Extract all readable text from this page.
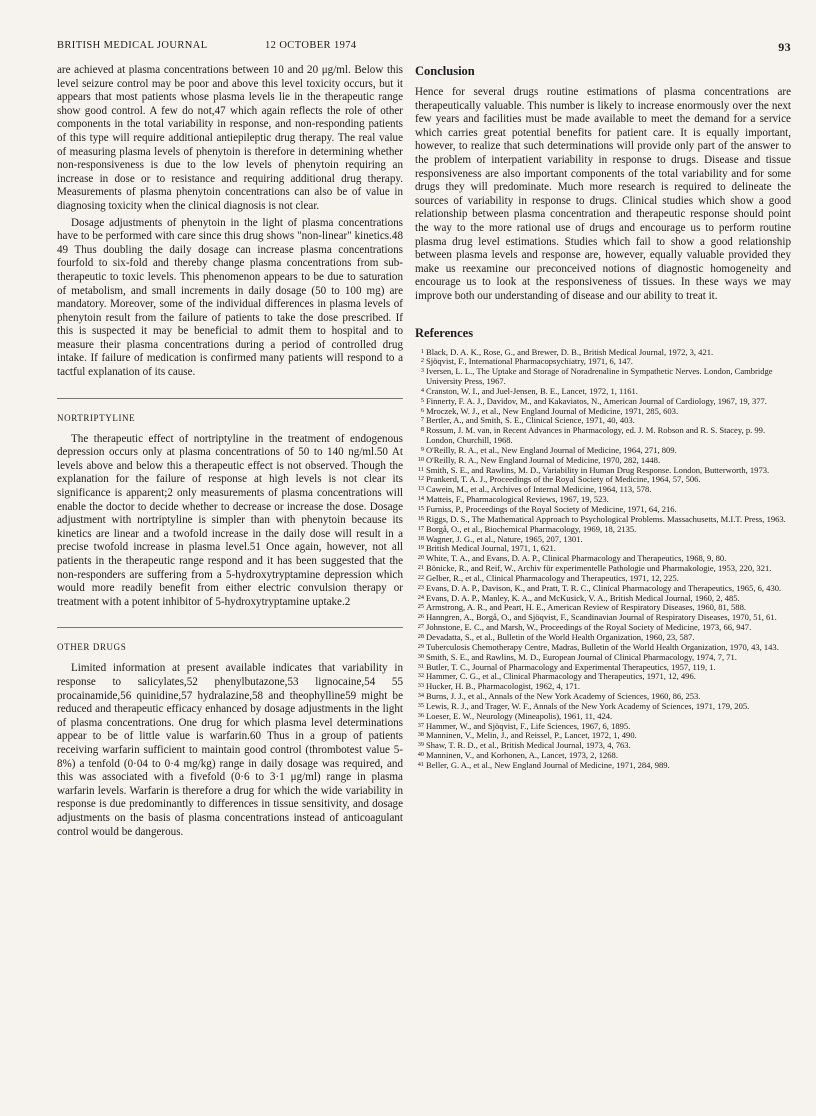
BRITISH MEDICAL JOURNAL	12 OCTOBER 1974	93

are achieved at plasma concentrations between 10 and 20 μg/ml. Below this level seizure control may be poor and above this level toxicity occurs, but it appears that most patients whose plasma levels lie in the therapeutic range show good control. A few do not,47 which again reflects the role of other components in the total variability in response, and non-responding patients of this type will require additional antiepileptic drug therapy. The real value of measuring plasma levels of phenytoin is therefore in determining whether non-responsiveness is due to the low levels of phenytoin requiring an increase in dose or to resistance and requiring additional drug therapy. Measurements of plasma phenytoin concentrations can also be of value in diagnosing toxicity when the clinical diagnosis is not clear.

Dosage adjustments of phenytoin in the light of plasma concentrations have to be performed with care since this drug shows "non-linear" kinetics.48 49 Thus doubling the daily dosage can increase plasma concentrations fourfold to six-fold and thereby change plasma concentrations from sub-therapeutic to toxic levels. This phenomenon appears to be due to saturation of metabolism, and small increments in daily dosage (50 to 100 mg) are mandatory. Moreover, some of the individual differences in plasma levels of phenytoin result from the failure of patients to take the dose prescribed. If this is suspected it may be beneficial to admit them to hospital and to measure their plasma concentrations during a period of controlled drug intake. If failure of medication is confirmed many patients will respond to a tactful explanation of its cause.

NORTRIPTYLINE

The therapeutic effect of nortriptyline in the treatment of endogenous depression occurs only at plasma concentrations of 50 to 140 ng/ml.50 At levels above and below this a therapeutic effect is not observed. Though the explanation for the failure of response at high levels is not clear its significance is apparent;2 only measurements of plasma concentrations will enable the doctor to decide whether to decrease or increase the dose. Dosage adjustment with nortriptyline is simpler than with phenytoin because its kinetics are linear and a twofold increase in the daily dose will result in a precise twofold increase in plasma level.51 Once again, however, not all patients in the therapeutic range respond and it has been suggested that the non-responders are suffering from a 5-hydroxytryptamine depression which would more readily benefit from either electric convulsion therapy or treatment with a potent inhibitor of 5-hydroxytryptamine uptake.2

OTHER DRUGS

Limited information at present available indicates that variability in response to salicylates,52 phenylbutazone,53 lignocaine,54 55 procainamide,56 quinidine,57 hydralazine,58 and theophylline59 might be reduced and therapeutic efficacy enhanced by dosage adjustments in the light of plasma concentrations. One drug for which plasma level determinations appear to be of little value is warfarin.60 Thus in a group of patients receiving warfarin sufficient to maintain good control (thrombotest value 5-8%) a tenfold (0·04 to 0·4 mg/kg) range in daily dosage was required, and this was associated with a fivefold (0·6 to 3·1 μg/ml) range in plasma warfarin levels. Warfarin is therefore a drug for which the wide variability in response is due predominantly to differences in tissue sensitivity, and dosage adjustments on the basis of plasma concentrations instead of anticoagulant control would be dangerous.

Conclusion

Hence for several drugs routine estimations of plasma concentrations are therapeutically valuable. This number is likely to increase enormously over the next few years and facilities must be made available to meet the demand for a service which carries great potential benefits for patient care. It is equally important, however, to realize that such determinations will provide only part of the answer to the problem of interpatient variability in response to drugs. Disease and tissue responsiveness are also important components of the total variability and for some drugs they will predominate. Much more research is required to delineate the sources of variability in response to drugs. Clinical studies which show a good relationship between plasma concentration and therapeutic response should point the way to the more rational use of drugs and encourage us to perform routine plasma drug level estimations. Studies which fail to show a good relationship between plasma levels and response are, however, equally valuable provided they make us reexamine our preconceived notions of diagnostic homogeneity and encourage us to look at the responsiveness of tissues. In these ways we may improve both our understanding of disease and our ability to treat it.

References
1 Black, D. A. K., Rose, G., and Brewer, D. B., British Medical Journal, 1972, 3, 421.
2 Sjöqvist, F., International Pharmacopsychiatry, 1971, 6, 147.
3 Iversen, L. L., The Uptake and Storage of Noradrenaline in Sympathetic Nerves. London, Cambridge University Press, 1967.
4 Cranston, W. I., and Juel-Jensen, B. E., Lancet, 1972, 1, 1161.
5 Finnerty, F. A. J., Davidov, M., and Kakaviatos, N., American Journal of Cardiology, 1967, 19, 377.
6 Mroczek, W. J., et al., New England Journal of Medicine, 1971, 285, 603.
7 Bertler, A., and Smith, S. E., Clinical Science, 1971, 40, 403.
8 Rossum, J. M. van, in Recent Advances in Pharmacology, ed. J. M. Robson and R. S. Stacey, p. 99. London, Churchill, 1968.
9 O'Reilly, R. A., et al., New England Journal of Medicine, 1964, 271, 809.
10 O'Reilly, R. A., New England Journal of Medicine, 1970, 282, 1448.
11 Smith, S. E., and Rawlins, M. D., Variability in Human Drug Response. London, Butterworth, 1973.
12 Prankerd, T. A. J., Proceedings of the Royal Society of Medicine, 1964, 57, 506.
13 Cawein, M., et al., Archives of Internal Medicine, 1964, 113, 578.
14 Matteis, F., Pharmacological Reviews, 1967, 19, 523.
15 Furniss, P., Proceedings of the Royal Society of Medicine, 1971, 64, 216.
16 Riggs, D. S., The Mathematical Approach to Psychological Problems. Massachusetts, M.I.T. Press, 1963.
17 Borgå, O., et al., Biochemical Pharmacology, 1969, 18, 2135.
18 Wagner, J. G., et al., Nature, 1965, 207, 1301.
19 British Medical Journal, 1971, 1, 621.
20 White, T. A., and Evans, D. A. P., Clinical Pharmacology and Therapeutics, 1968, 9, 80.
21 Bönicke, R., and Reif, W., Archiv für experimentelle Pathologie und Pharmakologie, 1953, 220, 321.
22 Gelber, R., et al., Clinical Pharmacology and Therapeutics, 1971, 12, 225.
23 Evans, D. A. P., Davison, K., and Pratt, T. R. C., Clinical Pharmacology and Therapeutics, 1965, 6, 430.
24 Evans, D. A. P., Manley, K. A., and McKusick, V. A., British Medical Journal, 1960, 2, 485.
25 Armstrong, A. R., and Peart, H. E., American Review of Respiratory Diseases, 1960, 81, 588.
26 Hanngren, A., Borgå, O., and Sjöqvist, F., Scandinavian Journal of Respiratory Diseases, 1970, 51, 61.
27 Johnstone, E. C., and Marsh, W., Proceedings of the Royal Society of Medicine, 1973, 66, 947.
28 Devadatta, S., et al., Bulletin of the World Health Organization, 1960, 23, 587.
29 Tuberculosis Chemotherapy Centre, Madras, Bulletin of the World Health Organization, 1970, 43, 143.
30 Smith, S. E., and Rawlins, M. D., European Journal of Clinical Pharmacology, 1974, 7, 71.
31 Butler, T. C., Journal of Pharmacology and Experimental Therapeutics, 1957, 119, 1.
32 Hammer, C. G., et al., Clinical Pharmacology and Therapeutics, 1971, 12, 496.
33 Hucker, H. B., Pharmacologist, 1962, 4, 171.
34 Burns, J. J., et al., Annals of the New York Academy of Sciences, 1960, 86, 253.
35 Lewis, R. J., and Trager, W. F., Annals of the New York Academy of Sciences, 1971, 179, 205.
36 Loeser, E. W., Neurology (Mineapolis), 1961, 11, 424.
37 Hammer, W., and Sjöqvist, F., Life Sciences, 1967, 6, 1895.
38 Manninen, V., Melin, J., and Reissel, P., Lancet, 1972, 1, 490.
39 Shaw, T. R. D., et al., British Medical Journal, 1973, 4, 763.
40 Manninen, V., and Korhonen, A., Lancet, 1973, 2, 1268.
41 Beller, G. A., et al., New England Journal of Medicine, 1971, 284, 989.
